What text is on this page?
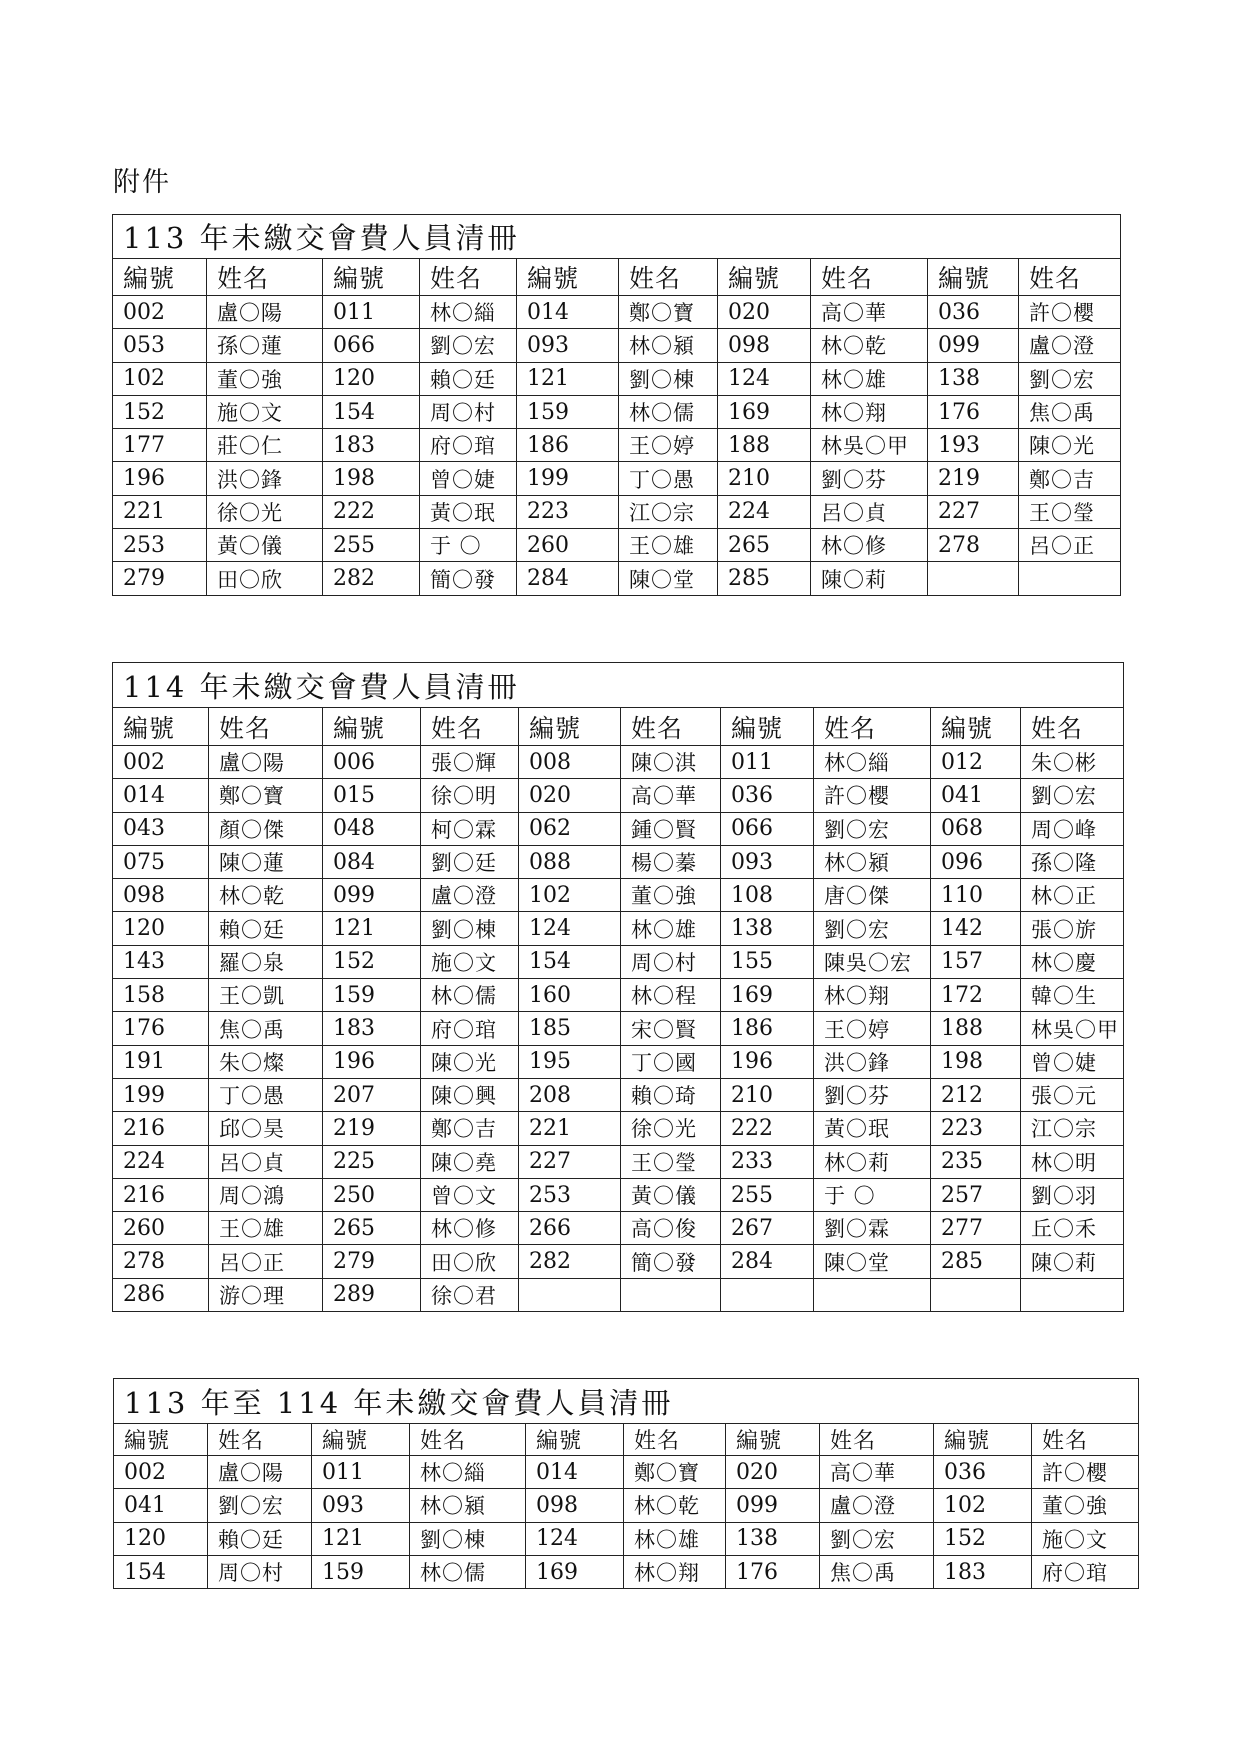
附件
113 年未繳交會費人員清冊									
編號	姓名	編號	姓名	編號	姓名	編號	姓名	編號	姓名
002	盧〇陽	011	林〇緇	014	鄭〇寶	020	高〇華	036	許〇櫻
053	孫〇蓮	066	劉〇宏	093	林〇潁	098	林〇乾	099	盧〇澄
102	董〇強	120	賴〇廷	121	劉〇棟	124	林〇雄	138	劉〇宏
152	施〇文	154	周〇村	159	林〇儒	169	林〇翔	176	焦〇禹
177	莊〇仁	183	府〇琯	186	王〇婷	188	林吳〇甲	193	陳〇光
196	洪〇鋒	198	曾〇婕	199	丁〇愚	210	劉〇芬	219	鄭〇吉
221	徐〇光	222	黃〇珉	223	江〇宗	224	呂〇貞	227	王〇瑩
253	黃〇儀	255	于 〇	260	王〇雄	265	林〇修	278	呂〇正
279	田〇欣	282	簡〇發	284	陳〇堂	285	陳〇莉		
114 年未繳交會費人員清冊									
編號	姓名	編號	姓名	編號	姓名	編號	姓名	編號	姓名
002	盧〇陽	006	張〇輝	008	陳〇淇	011	林〇緇	012	朱〇彬
014	鄭〇寶	015	徐〇明	020	高〇華	036	許〇櫻	041	劉〇宏
043	顏〇傑	048	柯〇霖	062	鍾〇賢	066	劉〇宏	068	周〇峰
075	陳〇蓮	084	劉〇廷	088	楊〇蓁	093	林〇潁	096	孫〇隆
098	林〇乾	099	盧〇澄	102	董〇強	108	唐〇傑	110	林〇正
120	賴〇廷	121	劉〇棟	124	林〇雄	138	劉〇宏	142	張〇旂
143	羅〇泉	152	施〇文	154	周〇村	155	陳吳〇宏	157	林〇慶
158	王〇凱	159	林〇儒	160	林〇程	169	林〇翔	172	韓〇生
176	焦〇禹	183	府〇琯	185	宋〇賢	186	王〇婷	188	林吳〇甲
191	朱〇燦	196	陳〇光	195	丁〇國	196	洪〇鋒	198	曾〇婕
199	丁〇愚	207	陳〇興	208	賴〇琦	210	劉〇芬	212	張〇元
216	邱〇昊	219	鄭〇吉	221	徐〇光	222	黃〇珉	223	江〇宗
224	呂〇貞	225	陳〇堯	227	王〇瑩	233	林〇莉	235	林〇明
216	周〇鴻	250	曾〇文	253	黃〇儀	255	于 〇	257	劉〇羽
260	王〇雄	265	林〇修	266	高〇俊	267	劉〇霖	277	丘〇禾
278	呂〇正	279	田〇欣	282	簡〇發	284	陳〇堂	285	陳〇莉
286	游〇理	289	徐〇君						
113 年至 114 年未繳交會費人員清冊									
編號	姓名	編號	姓名	編號	姓名	編號	姓名	編號	姓名
002	盧〇陽	011	林〇緇	014	鄭〇寶	020	高〇華	036	許〇櫻
041	劉〇宏	093	林〇潁	098	林〇乾	099	盧〇澄	102	董〇強
120	賴〇廷	121	劉〇棟	124	林〇雄	138	劉〇宏	152	施〇文
154	周〇村	159	林〇儒	169	林〇翔	176	焦〇禹	183	府〇琯
